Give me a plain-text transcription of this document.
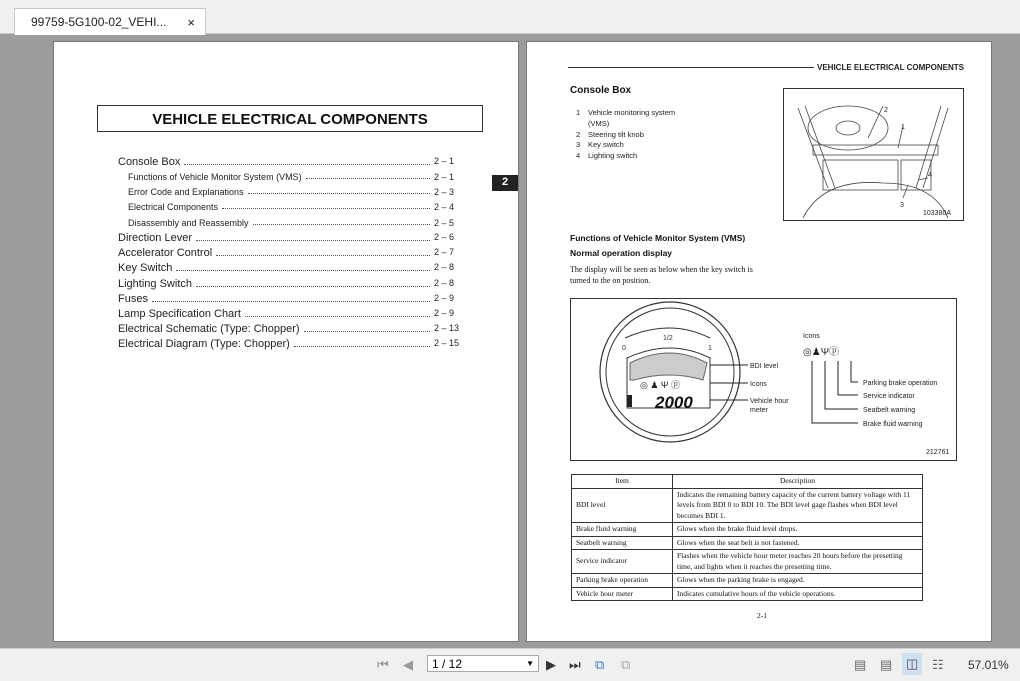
99759-5G100-02_VEHI... ×
VEHICLE ELECTRICAL COMPONENTS
2
Console Box	2 – 1
Functions of Vehicle Monitor System (VMS)	2 – 1
Error Code and Explanations	2 – 3
Electrical Components	2 – 4
Disassembly and Reassembly	2 – 5
Direction Lever	2 – 6
Accelerator Control	2 – 7
Key Switch	2 – 8
Lighting Switch	2 – 8
Fuses	2 – 9
Lamp Specification Chart	2 – 9
Electrical Schematic (Type: Chopper)	2 – 13
Electrical Diagram (Type: Chopper)	2 – 15
VEHICLE ELECTRICAL COMPONENTS
Console Box
1	Vehicle monitoring system
(VMS)
2	Steering tilt knob
3	Key switch
4	Lighting switch
2
1
3
4
103380A
Functions of Vehicle Monitor System (VMS)
Normal operation display
The display will be seen as below when the key switch is turned to the on position.
0
1/2
1
◎ ♟ Ψ ⓟ
2000
BDI level
Icons
Vehicle hour
meter
Icons
◎♟Ψⓟ
Parking brake operation
Service indicator
Seatbelt warning
Brake fluid warning
212761
Item	Description
BDI level	Indicates the remaining battery capacity of the current battery voltage with 11 levels from BDI 0 to BDI 10. The BDI level gage flashes when BDI level becomes BDI 1.
Brake fluid warning	Glows when the brake fluid level drops.
Seatbelt warning	Glows when the seat belt is not fastened.
Service indicator	Flashes when the vehicle hour meter reaches 20 hours before the presetting time, and lights when it reaches the presetting time.
Parking brake operation	Glows when the parking brake is engaged.
Vehicle hour meter	Indicates cumulative hours of the vehicle operations.
2-1
⏮ ◀	▶ ⏭ ⧉ ⧉	▤ ▤	◫	☷ 57.01%
1 / 12	▼
